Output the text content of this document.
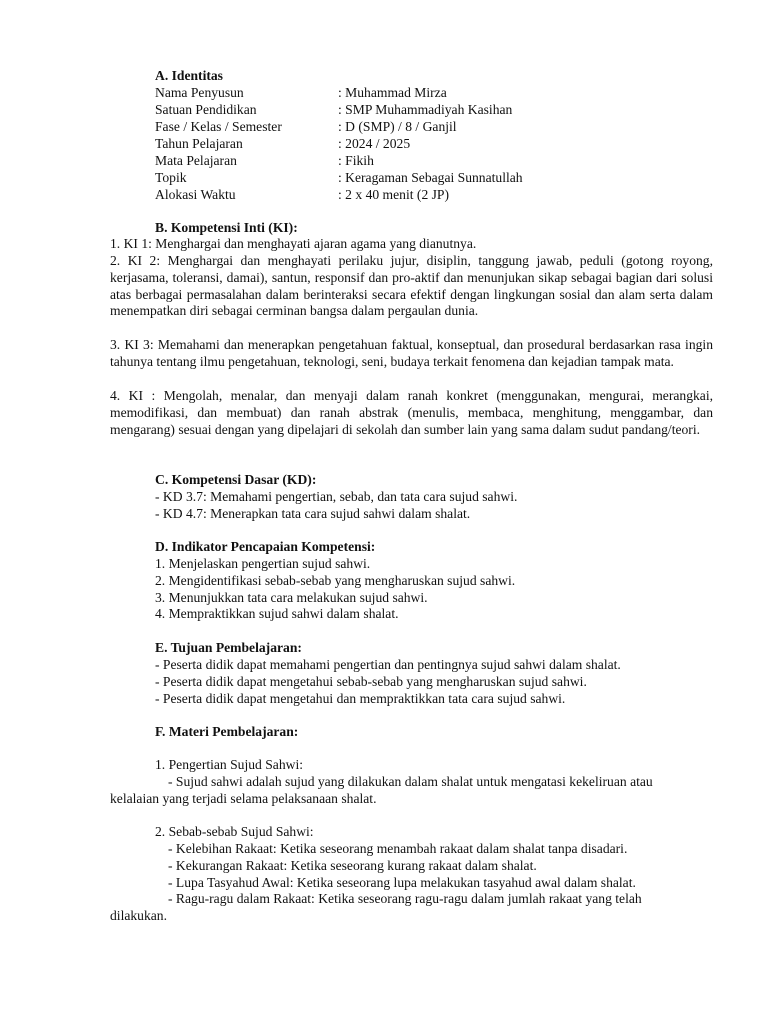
A. Identitas
Nama Penyusun	: Muhammad Mirza
Satuan Pendidikan	: SMP Muhammadiyah Kasihan
Fase / Kelas / Semester	: D (SMP) / 8 / Ganjil
Tahun Pelajaran	: 2024 / 2025
Mata Pelajaran	: Fikih
Topik	: Keragaman Sebagai Sunnatullah
Alokasi Waktu	: 2 x 40 menit (2 JP)
B. Kompetensi Inti (KI):
1. KI 1: Menghargai dan menghayati ajaran agama yang dianutnya.
2. KI 2: Menghargai dan menghayati perilaku jujur, disiplin, tanggung jawab, peduli (gotong royong, kerjasama, toleransi, damai), santun, responsif dan pro-aktif dan menunjukan sikap sebagai bagian dari solusi atas berbagai permasalahan dalam berinteraksi secara efektif dengan lingkungan sosial dan alam serta dalam menempatkan diri sebagai cerminan bangsa dalam pergaulan dunia.
3. KI 3: Memahami dan menerapkan pengetahuan faktual, konseptual, dan prosedural berdasarkan rasa ingin tahunya tentang ilmu pengetahuan, teknologi, seni, budaya terkait fenomena dan kejadian tampak mata.
4. KI : Mengolah, menalar, dan menyaji dalam ranah konkret (menggunakan, mengurai, merangkai, memodifikasi, dan membuat) dan ranah abstrak (menulis, membaca, menghitung, menggambar, dan mengarang) sesuai dengan yang dipelajari di sekolah dan sumber lain yang sama dalam sudut pandang/teori.
C. Kompetensi Dasar (KD):
- KD 3.7: Memahami pengertian, sebab, dan tata cara sujud sahwi.
- KD 4.7: Menerapkan tata cara sujud sahwi dalam shalat.
D. Indikator Pencapaian Kompetensi:
1. Menjelaskan pengertian sujud sahwi.
2. Mengidentifikasi sebab-sebab yang mengharuskan sujud sahwi.
3. Menunjukkan tata cara melakukan sujud sahwi.
4. Mempraktikkan sujud sahwi dalam shalat.
E. Tujuan Pembelajaran:
- Peserta didik dapat memahami pengertian dan pentingnya sujud sahwi dalam shalat.
- Peserta didik dapat mengetahui sebab-sebab yang mengharuskan sujud sahwi.
- Peserta didik dapat mengetahui dan mempraktikkan tata cara sujud sahwi.
F. Materi Pembelajaran:
1. Pengertian Sujud Sahwi:
- Sujud sahwi adalah sujud yang dilakukan dalam shalat untuk mengatasi kekeliruan atau
kelalaian yang terjadi selama pelaksanaan shalat.
2. Sebab-sebab Sujud Sahwi:
- Kelebihan Rakaat: Ketika seseorang menambah rakaat dalam shalat tanpa disadari.
- Kekurangan Rakaat: Ketika seseorang kurang rakaat dalam shalat.
- Lupa Tasyahud Awal: Ketika seseorang lupa melakukan tasyahud awal dalam shalat.
- Ragu-ragu dalam Rakaat: Ketika seseorang ragu-ragu dalam jumlah rakaat yang telah
dilakukan.
